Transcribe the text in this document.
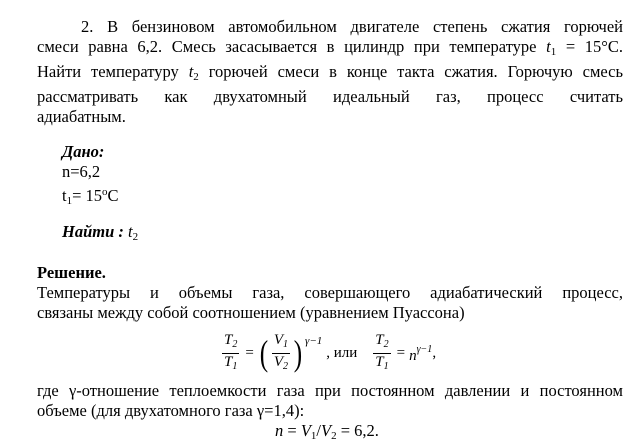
2. В бензиновом автомобильном двигателе степень сжатия горючей
смеси равна 6,2. Смесь засасывается в цилиндр при температуре $t_1 = 15^\circ С$.
Найти температуру $t_2$ горючей смеси в конце такта сжатия. Горючую смесь
рассматривать как двухатомный идеальный газ, процесс считать
адиабатным.
Дано:
n=6,2
$t_1= 15^oC$
Найти : $t_2$
Решение.
Температуры и объемы газа, совершающего адиабатический процесс,
связаны между собой соотношением (уравнением Пуассона)
$\frac{T_2}{T_1}$ = ( $\frac{V_1}{V_2}$ ) γ−1
, или $\frac{T_2}{T_1} = n^{\gamma-1}$ ,
где γ-отношение теплоемкости газа при постоянном давлении и постоянном
объеме (для двухатомного газа γ=1,4):
$n = V_1/V_2 = 6,2$.
